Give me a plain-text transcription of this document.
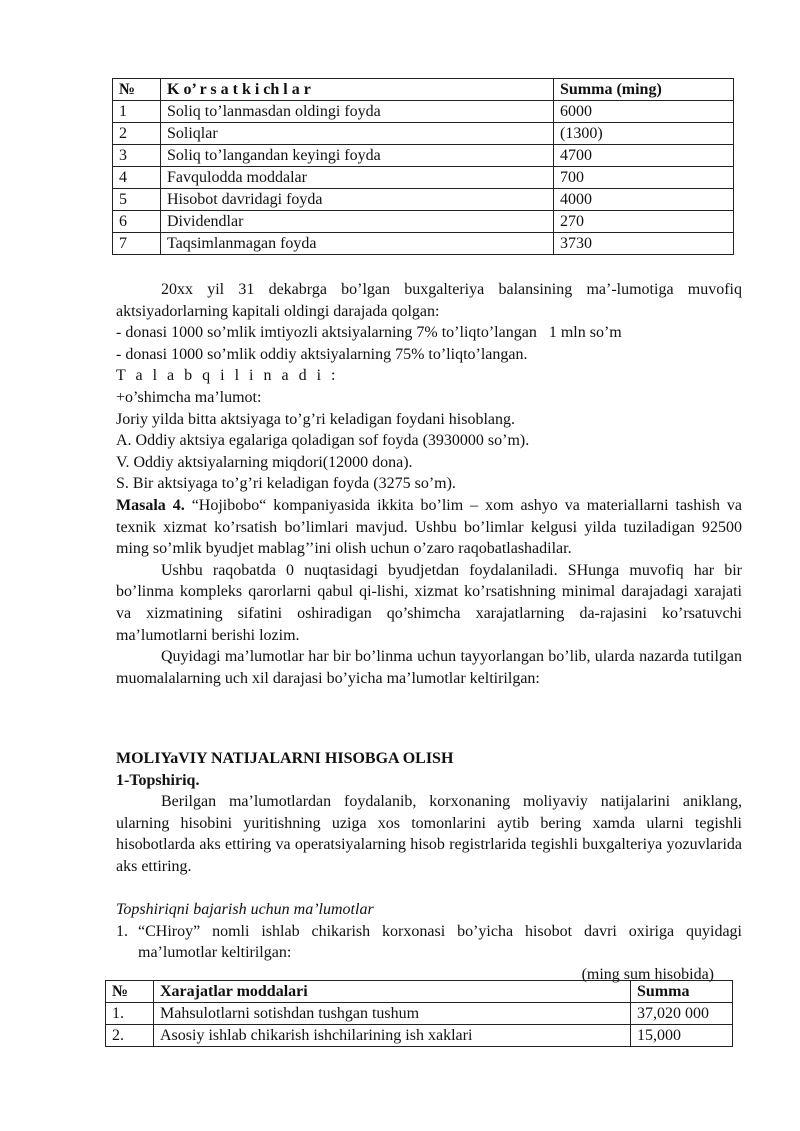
№	K o’ r s a t k i ch l a r	Summa (ming)
1	Soliq to’lanmasdan oldingi foyda	6000
2	Soliqlar	(1300)
3	Soliq to’langandan keyingi foyda	4700
4	Favqulodda moddalar	700
5	Hisobot davridagi foyda	4000
6	Dividendlar	270
7	Taqsimlanmagan foyda	3730

20xx yil 31 dekabrga bo’lgan buxgalteriya balansining ma’-lumotiga muvofiq aktsiyadorlarning kapitali oldingi darajada qolgan:

- donasi 1000 so’mlik imtiyozli aktsiyalarning 7% to’liqto’langan   1 mln so’m

- donasi 1000 so’mlik oddiy aktsiyalarning 75% to’liqto’langan.

T a l a b q i l i n a d i :

+o’shimcha ma’lumot:

Joriy yilda bitta aktsiyaga to’g’ri keladigan foydani hisoblang.

A. Oddiy aktsiya egalariga qoladigan sof foyda (3930000 so’m).

V. Oddiy aktsiyalarning miqdori(12000 dona).

S. Bir aktsiyaga to’g’ri keladigan foyda (3275 so’m).

Masala 4. “Hojibobo“ kompaniyasida ikkita bo’lim – xom ashyo va materiallarni tashish va texnik xizmat ko’rsatish bo’limlari mavjud. Ushbu bo’limlar kelgusi yilda tuziladigan 92500 ming so’mlik byudjet mablag’’ini olish uchun o’zaro raqobatlashadilar.

Ushbu raqobatda 0 nuqtasidagi byudjetdan foydalaniladi. SHunga muvofiq har bir bo’linma kompleks qarorlarni qabul qi-lishi, xizmat ko’rsatishning minimal darajadagi xarajati va xizmatining sifatini oshiradigan qo’shimcha xarajatlarning da-rajasini ko’rsatuvchi ma’lumotlarni berishi lozim.

Quyidagi ma’lumotlar har bir bo’linma uchun tayyorlangan bo’lib, ularda nazarda tutilgan muomalalarning uch xil darajasi bo’yicha ma’lumotlar keltirilgan:

MOLIYaVIY NATIJALARNI HISOBGA OLISH

1-Topshiriq.

Berilgan ma’lumotlardan foydalanib, korxonaning moliyaviy natijalarini aniklang, ularning hisobini yuritishning uziga xos tomonlarini aytib bering xamda ularni tegishli hisobotlarda aks ettiring va operatsiyalarning hisob registrlarida tegishli buxgalteriya yozuvlarida aks ettiring.

Topshiriqni bajarish uchun ma’lumotlar

1. “CHiroy” nomli ishlab chikarish korxonasi bo’yicha hisobot davri oxiriga quyidagi ma’lumotlar keltirilgan:

(ming sum hisobida)

№	Xarajatlar moddalari	Summa
1.	Mahsulotlarni sotishdan tushgan tushum	37,020 000
2.	Asosiy ishlab chikarish ishchilarining ish xaklari	15,000
